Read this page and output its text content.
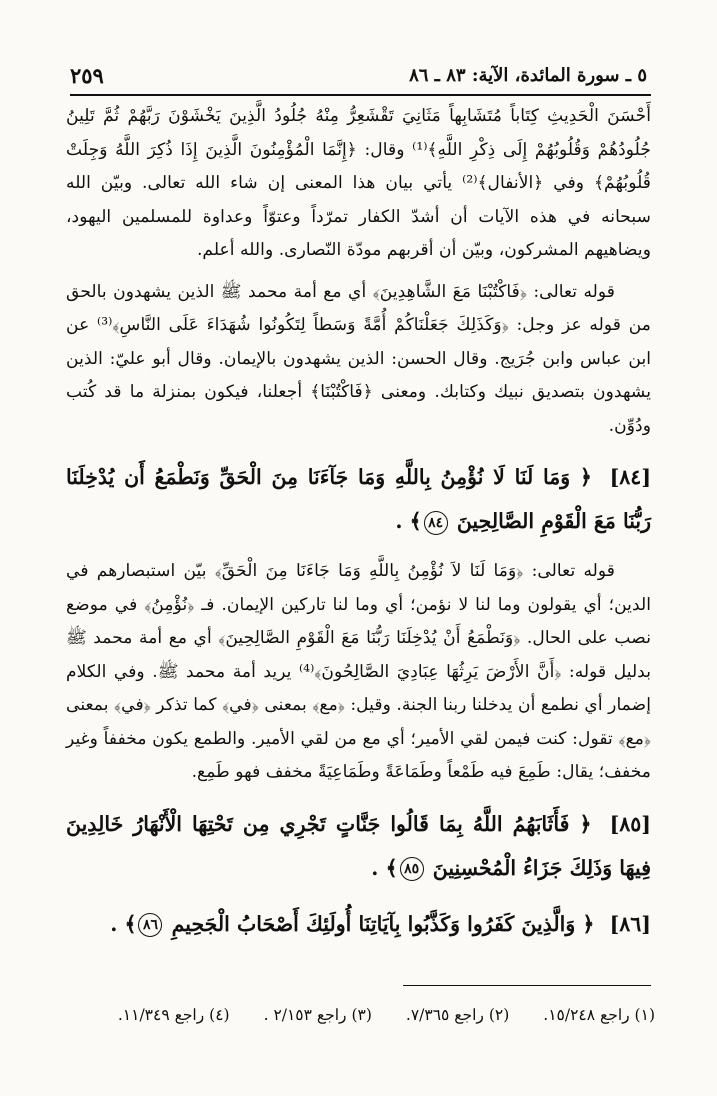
٢٥٩	٥ ـ سورة المائدة، الآية: ٨٣ ـ ٨٦

أَحْسَنَ الْحَدِيثِ كِتَاباً مُتَشَابِهاً مَثَانِيَ تَقْشَعِرُّ مِنْهُ جُلُودُ الَّذِينَ يَخْشَوْنَ رَبَّهُمْ ثُمَّ تَلِينُ جُلُودُهُمْ وَقُلُوبُهُمْ إِلَى ذِكْرِ اللَّهِ﴾⁽¹⁾ وقال: ﴿إِنَّمَا الْمُؤْمِنُونَ الَّذِينَ إِذَا ذُكِرَ اللَّهُ وَجِلَتْ قُلُوبُهُمْ﴾ وفي ﴿الأنفال﴾⁽²⁾ يأتي بيان هذا المعنى إن شاء الله تعالى. وبيّن الله سبحانه في هذه الآيات أن أشدّ الكفار تمرّداً وعتوّاً وعداوة للمسلمين اليهود، ويضاهيهم المشركون، وبيّن أن أقربهم مودّة النّصارى. والله أعلم.

قوله تعالى: ﴿فَاكْتُبْنَا مَعَ الشَّاهِدِينَ﴾ أي مع أمة محمد ﷺ الذين يشهدون بالحق من قوله عز وجل: ﴿وَكَذَلِكَ جَعَلْنَاكُمْ أُمَّةً وَسَطاً لِتَكُونُوا شُهَدَاءَ عَلَى النَّاسِ﴾⁽³⁾ عن ابن عباس وابن جُرَيج. وقال الحسن: الذين يشهدون بالإيمان. وقال أبو عليّ: الذين يشهدون بتصديق نبيك وكتابك. ومعنى ﴿فَاكْتُبْنَا﴾ أجعلنا، فيكون بمنزلة ما قد كُتب ودُوِّن.

[٨٤] ﴿ وَمَا لَنَا لَا نُؤْمِنُ بِاللَّهِ وَمَا جَآءَنَا مِنَ الْحَقِّ وَنَطْمَعُ أَن يُدْخِلَنَا رَبُّنَا مَعَ الْقَوْمِ الصَّالِحِينَ ٨٤﴾ .

قوله تعالى: ﴿وَمَا لَنَا لاَ نُؤْمِنُ بِاللَّهِ وَمَا جَاءَنَا مِنَ الْحَقِّ﴾ بيّن استبصارهم في الدين؛ أي يقولون وما لنا لا نؤمن؛ أي وما لنا تاركين الإيمان. فـ ﴿نُؤْمِنُ﴾ في موضع نصب على الحال. ﴿وَنَطْمَعُ أَنْ يُدْخِلَنَا رَبُّنَا مَعَ الْقَوْمِ الصَّالِحِينَ﴾ أي مع أمة محمد ﷺ بدليل قوله: ﴿أَنَّ الأَرْضَ يَرِثُهَا عِبَادِيَ الصَّالِحُونَ﴾⁽⁴⁾ يريد أمة محمد ﷺ. وفي الكلام إضمار أي نطمع أن يدخلنا ربنا الجنة. وقيل: ﴿مع﴾ بمعنى ﴿في﴾ كما تذكر ﴿في﴾ بمعنى ﴿مع﴾ تقول: كنت فيمن لقي الأمير؛ أي مع من لقي الأمير. والطمع يكون مخففاً وغير مخفف؛ يقال: طَمِعَ فيه طَمْعاً وطَمَاعَةً وطَمَاعِيَةً مخفف فهو طَمِع.

[٨٥] ﴿ فَأَثَابَهُمُ اللَّهُ بِمَا قَالُوا جَنَّاتٍ تَجْرِي مِن تَحْتِهَا الْأَنْهَارُ خَالِدِينَ فِيهَا وَذَلِكَ جَزَاءُ الْمُحْسِنِينَ ٨٥﴾ .

[٨٦] ﴿ وَالَّذِينَ كَفَرُوا وَكَذَّبُوا بِآيَاتِنَا أُولَئِكَ أَصْحَابُ الْجَحِيمِ ٨٦﴾ .

(١) راجع ١٥/٢٤٨.
(٢) راجع ٧/٣٦٥.
(٣) راجع ٢/١٥٣ .
(٤) راجع ١١/٣٤٩.
